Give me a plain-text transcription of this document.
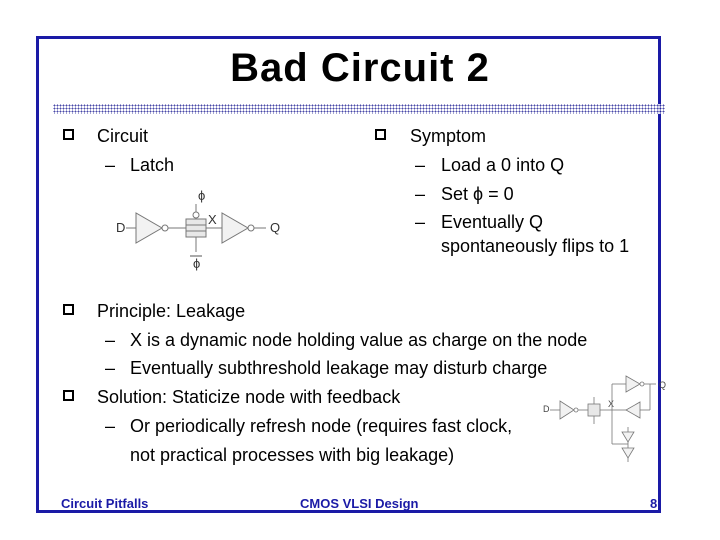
Bad Circuit 2
Circuit
– Latch
Symptom
– Load a 0 into Q
– Set ϕ = 0
– Eventually Q
spontaneously flips to 1
ϕ
D
ϕ
X
Q
Principle: Leakage
– X is a dynamic node holding value as charge on the node
– Eventually subthreshold leakage may disturb charge
Solution: Staticize node with feedback
– Or periodically refresh node (requires fast clock,
not practical processes with big leakage)
D	X
Q
Circuit Pitfalls	CMOS VLSI Design	8
